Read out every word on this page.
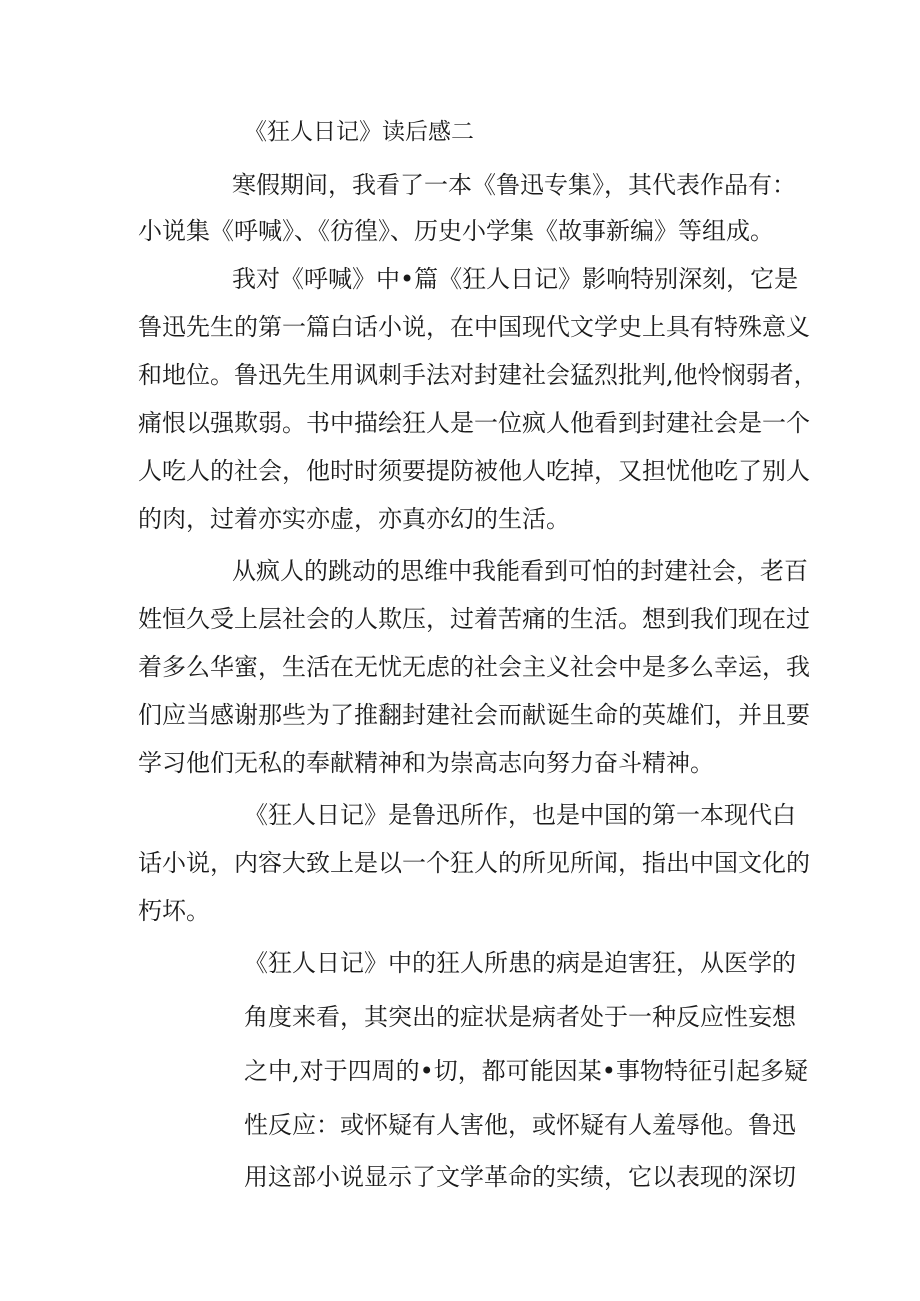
《狂人日记》读后感二

寒假期间，我看了一本《鲁迅专集》，其代表作品有：

小说集《呼喊》、《彷徨》、历史小学集《故事新编》等组成。

我对《呼喊》中•篇《狂人日记》影响特别深刻，它是

鲁迅先生的第一篇白话小说，在中国现代文学史上具有特殊意义

和地位。鲁迅先生用讽刺手法对封建社会猛烈批判,他怜悯弱者，

痛恨以强欺弱。书中描绘狂人是一位疯人他看到封建社会是一个

人吃人的社会，他时时须要提防被他人吃掉，又担忧他吃了别人

的肉，过着亦实亦虚，亦真亦幻的生活。

从疯人的跳动的思维中我能看到可怕的封建社会，老百

姓恒久受上层社会的人欺压，过着苦痛的生活。想到我们现在过

着多么华蜜，生活在无忧无虑的社会主义社会中是多么幸运，我

们应当感谢那些为了推翻封建社会而献诞生命的英雄们，并且要

学习他们无私的奉献精神和为崇高志向努力奋斗精神。

《狂人日记》是鲁迅所作，也是中国的第一本现代白

话小说，内容大致上是以一个狂人的所见所闻，指出中国文化的

朽坏。

《狂人日记》中的狂人所患的病是迫害狂，从医学的

角度来看，其突出的症状是病者处于一种反应性妄想

之中,对于四周的•切，都可能因某•事物特征引起多疑

性反应：或怀疑有人害他，或怀疑有人羞辱他。鲁迅

用这部小说显示了文学革命的实绩，它以表现的深切
